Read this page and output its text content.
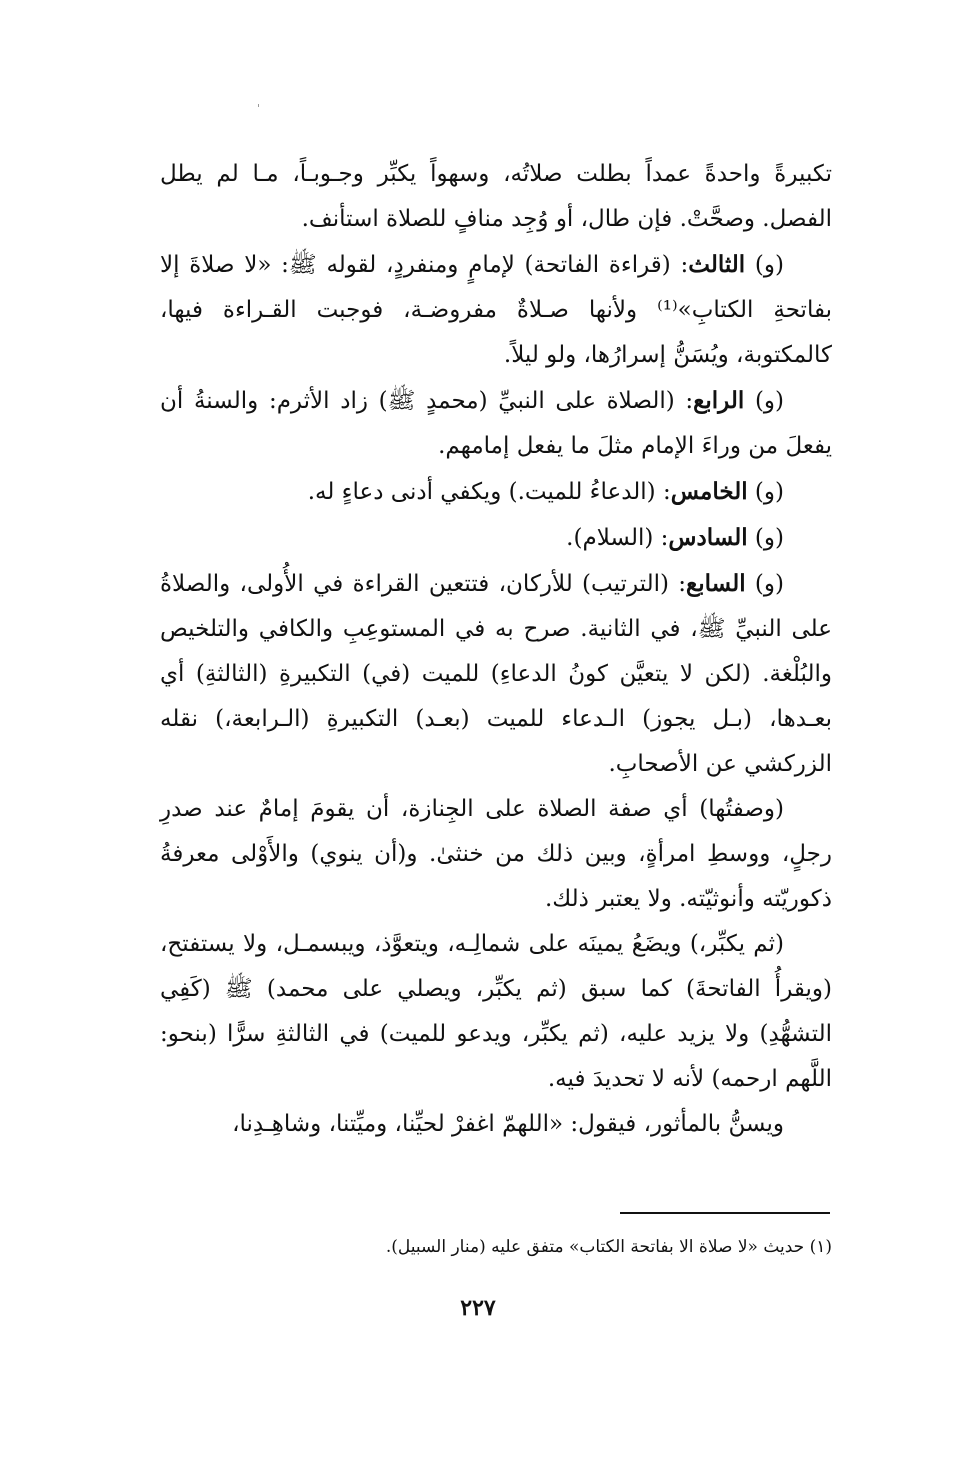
تكبيرةً واحدةً عمداً بطلت صلاتُه، وسهواً يكبِّر وجـوبـاً، مـا لم يطل الفصل. وصحَّتْ. فإن طال، أو وُجِد منافٍ للصلاة استأنف.

(و) الثالث: (قراءة الفاتحة) لإمامٍ ومنفردٍ، لقوله ﷺ: «لا صلاةَ إلا بفاتحةِ الكتابِ»⁽¹⁾ ولأنها صـلاةٌ مفروضـة، فوجبت القـراءة فيها، كالمكتوبة، ويُسَنُّ إسرارُها، ولو ليلاً.

(و) الرابع: (الصلاة على النبيِّ (محمدٍ ﷺ) زاد الأثرم: والسنةُ أن يفعلَ من وراءَ الإمام مثلَ ما يفعل إمامهم.

(و) الخامس: (الدعاءُ للميت.) ويكفي أدنى دعاءٍ له.

(و) السادس: (السلام).

(و) السابع: (الترتيب) للأركان، فتتعين القراءة في الأُولى، والصلاةُ على النبيِّ ﷺ، في الثانية. صرح به في المستوعِبِ والكافي والتلخيص والبُلْغة. (لكن لا يتعيَّن كونُ الدعاءِ) للميت (في) التكبيرةِ (الثالثةِ) أي بعـدها، (بـل يجوز) الـدعاء للميت (بعـد) التكبيرةِ (الـرابعة،) نقله الزركشي عن الأصحابِ.

(وصفتُها) أي صفة الصلاة على الجِنازة، أن يقومَ إمامٌ عند صدرِ رجلٍ، ووسطِ امرأةٍ، وبين ذلك من خنثىٰ. و(أن ينوي) والأَوْلى معرفةُ ذكوريّته وأنوثيّته. ولا يعتبر ذلك.

(ثم يكبِّر،) ويضَعُ يمينَه على شمالِـه، ويتعوَّذ، ويبسمـل، ولا يستفتح، (ويقرأُ الفاتحةَ) كما سبق (ثم يكبِّر، ويصلي على محمد) ﷺ (كَفِي التشهُّدِ) ولا يزيد عليه، (ثم يكبِّر، ويدعو للميت) في الثالثةِ سرًّا (بنحو: اللَّهم ارحمه) لأنه لا تحديدَ فيه.

ويسنُّ بالمأثور، فيقول: «اللهمّ اغفرْ لحيِّنا، وميِّتنا، وشاهِـدِنا،

(١) حديث «لا صلاة الا بفاتحة الكتاب» متفق عليه (منار السبيل).

٢٢٧
